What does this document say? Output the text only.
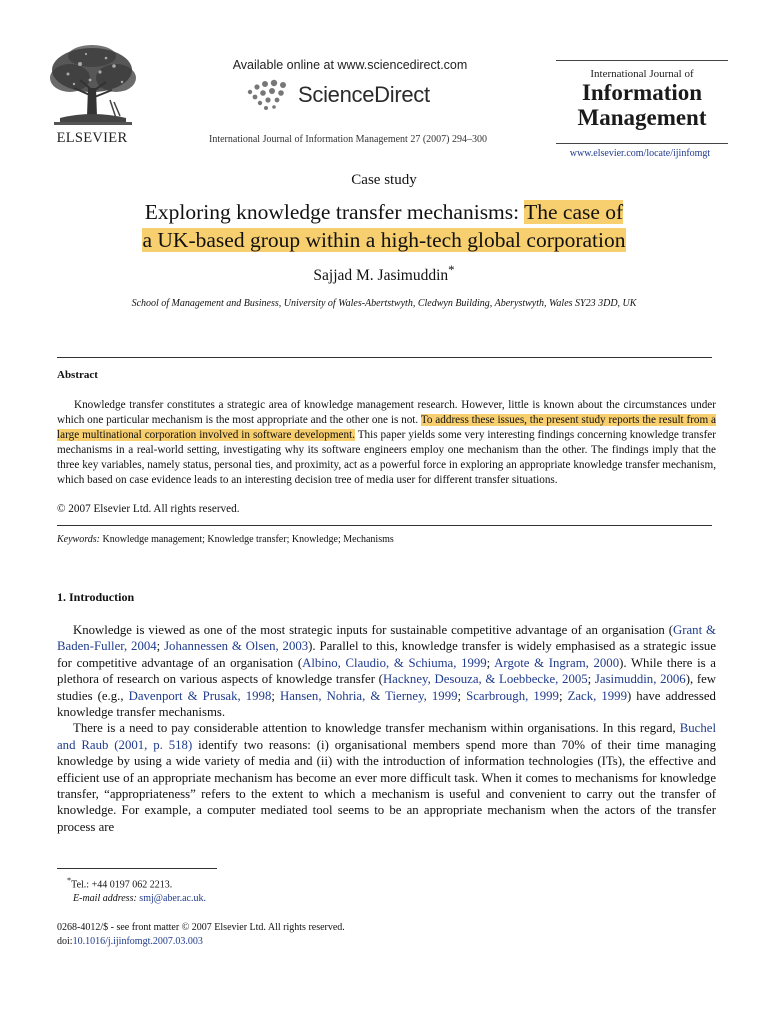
ELSEVIER
Available online at www.sciencedirect.com
ScienceDirect
International Journal of Information Management 27 (2007) 294–300
International Journal of
Information
Management
www.elsevier.com/locate/ijinfomgt
Case study
Exploring knowledge transfer mechanisms: The case of
a UK-based group within a high-tech global corporation
Sajjad M. Jasimuddin*
School of Management and Business, University of Wales-Abertstwyth, Cledwyn Building, Aberystwyth, Wales SY23 3DD, UK
Abstract
Knowledge transfer constitutes a strategic area of knowledge management research. However, little is known about the circumstances under which one particular mechanism is the most appropriate and the other one is not. To address these issues, the present study reports the result from a large multinational corporation involved in software development. This paper yields some very interesting findings concerning knowledge transfer mechanisms in a real-world setting, investigating why its software engineers employ one mechanism than the other. The findings imply that the three key variables, namely status, personal ties, and proximity, act as a powerful force in exploring an appropriate knowledge transfer mechanism, which based on case evidence leads to an interesting decision tree of media user for different transfer situations.
© 2007 Elsevier Ltd. All rights reserved.
Keywords: Knowledge management; Knowledge transfer; Knowledge; Mechanisms
1. Introduction

Knowledge is viewed as one of the most strategic inputs for sustainable competitive advantage of an organisation (Grant & Baden-Fuller, 2004; Johannessen & Olsen, 2003). Parallel to this, knowledge transfer is widely emphasised as a strategic issue for competitive advantage of an organisation (Albino, Claudio, & Schiuma, 1999; Argote & Ingram, 2000). While there is a plethora of research on various aspects of knowledge transfer (Hackney, Desouza, & Loebbecke, 2005; Jasimuddin, 2006), few studies (e.g., Davenport & Prusak, 1998; Hansen, Nohria, & Tierney, 1999; Scarbrough, 1999; Zack, 1999) have addressed knowledge transfer mechanisms.

There is a need to pay considerable attention to knowledge transfer mechanism within organisations. In this regard, Buchel and Raub (2001, p. 518) identify two reasons: (i) organisational members spend more than 70% of their time managing knowledge by using a wide variety of media and (ii) with the introduction of information technologies (ITs), the effective and efficient use of an appropriate mechanism has become an ever more difficult task. When it comes to mechanisms for knowledge transfer, “appropriateness” refers to the extent to which a mechanism is useful and convenient to carry out the transfer of knowledge. For example, a computer mediated tool seems to be an appropriate mechanism when the actors of the transfer process are

*Tel.: +44 0197 062 2213.
E-mail address: smj@aber.ac.uk.
0268-4012/$ - see front matter © 2007 Elsevier Ltd. All rights reserved.
doi:10.1016/j.ijinfomgt.2007.03.003
